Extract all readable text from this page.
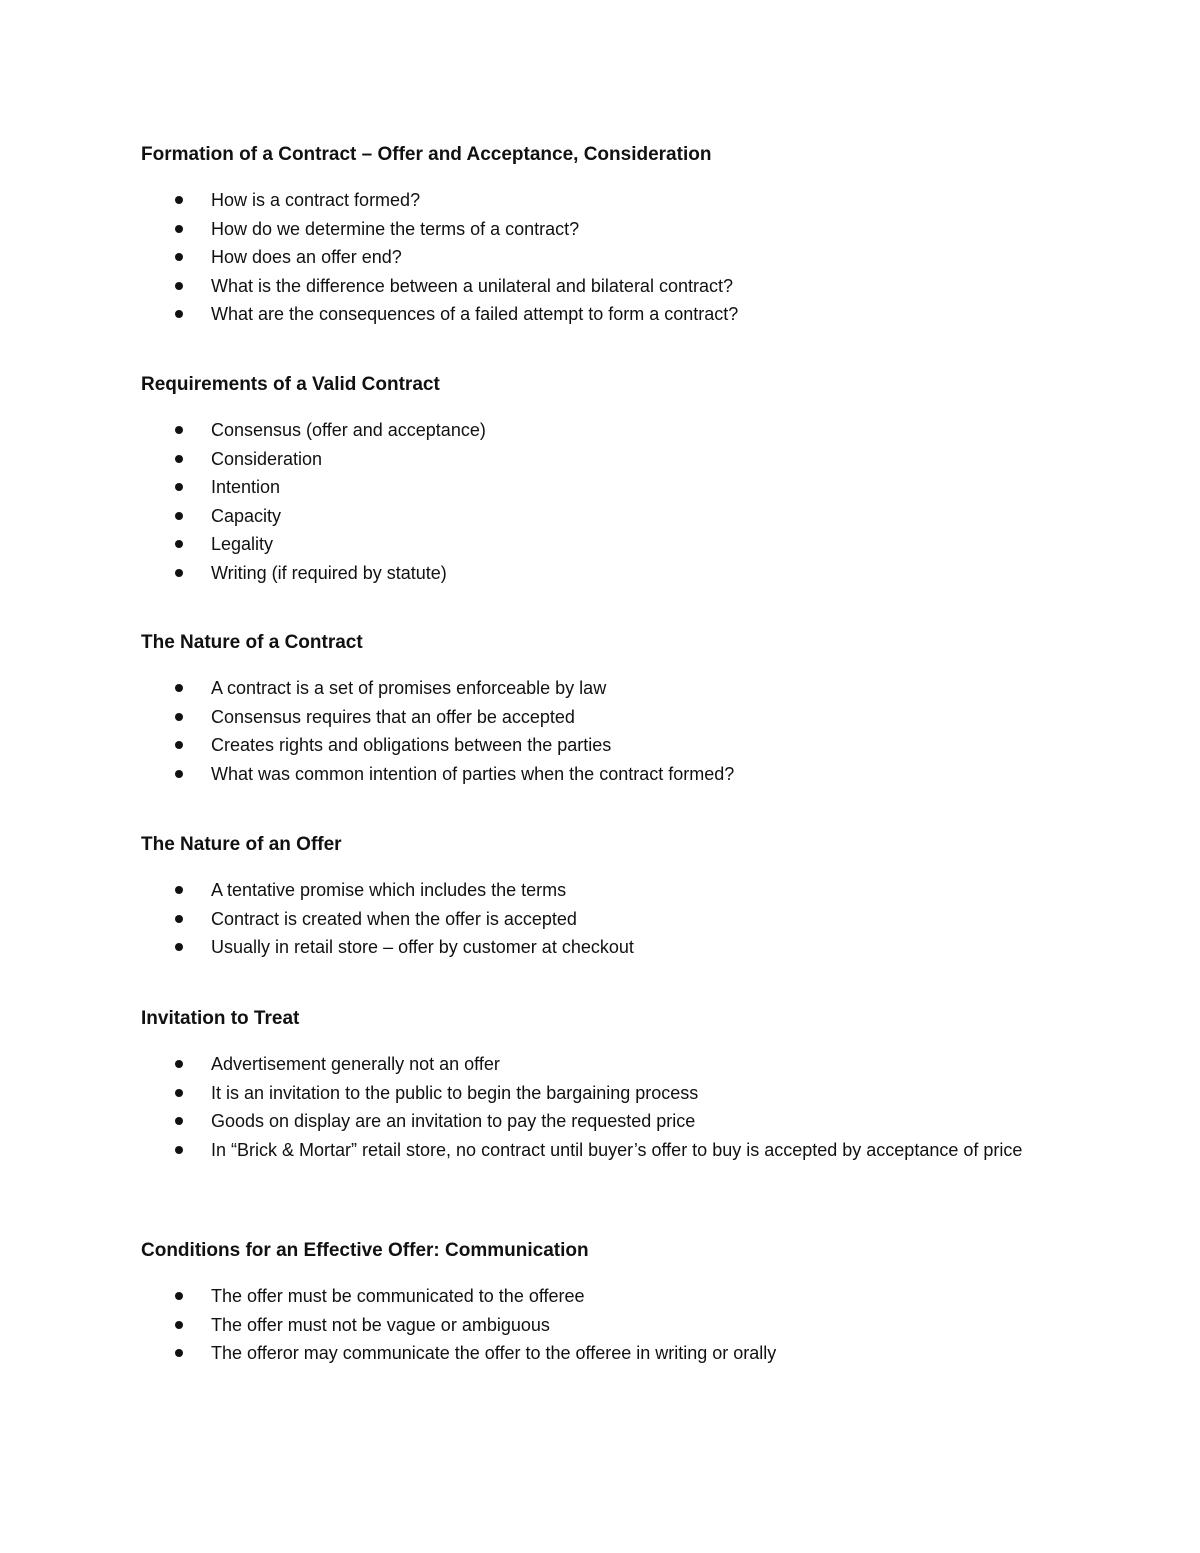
Formation of a Contract – Offer and Acceptance, Consideration
How is a contract formed?
How do we determine the terms of a contract?
How does an offer end?
What is the difference between a unilateral and bilateral contract?
What are the consequences of a failed attempt to form a contract?
Requirements of a Valid Contract
Consensus (offer and acceptance)
Consideration
Intention
Capacity
Legality
Writing (if required by statute)
The Nature of a Contract
A contract is a set of promises enforceable by law
Consensus requires that an offer be accepted
Creates rights and obligations between the parties
What was common intention of parties when the contract formed?
The Nature of an Offer
A tentative promise which includes the terms
Contract is created when the offer is accepted
Usually in retail store – offer by customer at checkout
Invitation to Treat
Advertisement generally not an offer
It is an invitation to the public to begin the bargaining process
Goods on display are an invitation to pay the requested price
In “Brick & Mortar” retail store, no contract until buyer’s offer to buy is accepted by acceptance of price
Conditions for an Effective Offer: Communication
The offer must be communicated to the offeree
The offer must not be vague or ambiguous
The offeror may communicate the offer to the offeree in writing or orally
